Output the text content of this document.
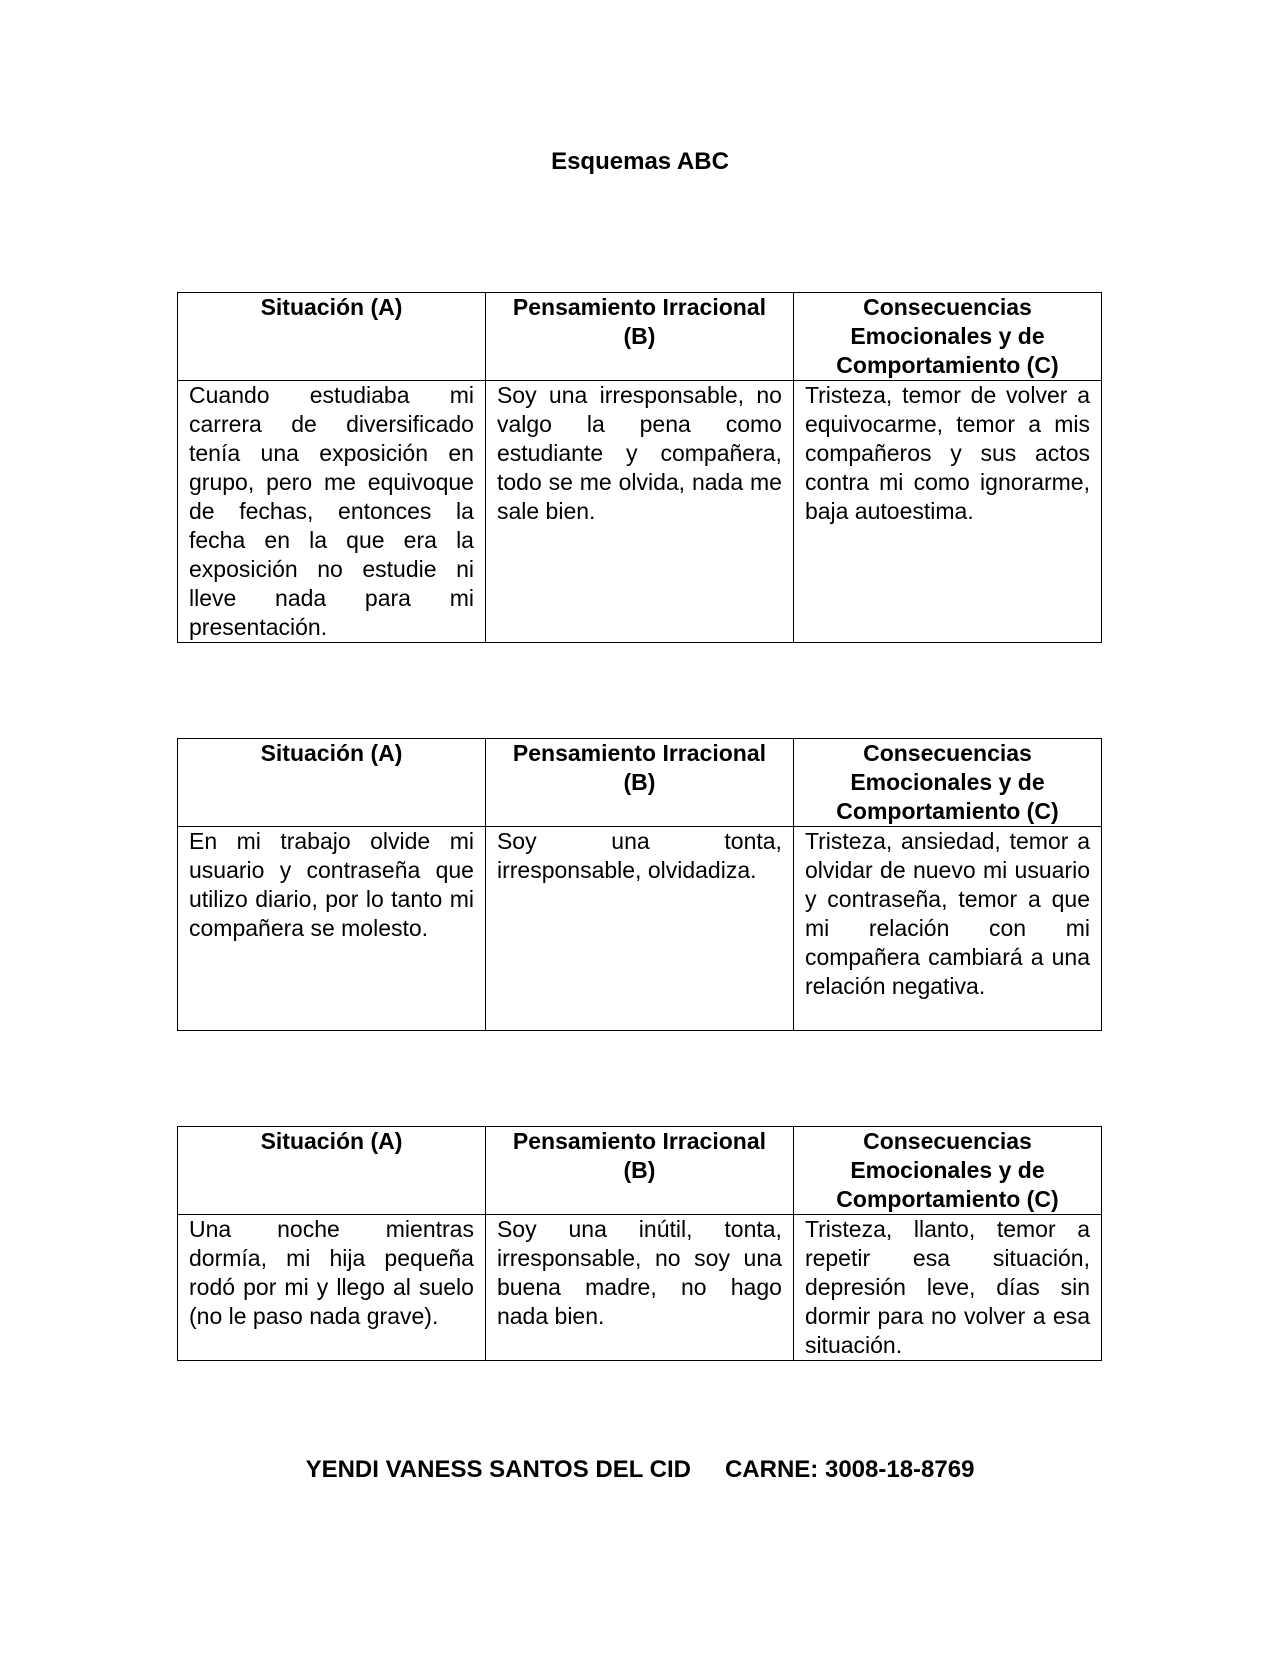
Esquemas ABC
Situación (A)	Pensamiento Irracional (B)	Consecuencias Emocionales y de Comportamiento (C)
Cuando estudiaba mi carrera de diversificado tenía una exposición en grupo, pero me equivoque de fechas, entonces la fecha en la que era la exposición no estudie ni lleve nada para mi presentación.	Soy una irresponsable, no valgo la pena como estudiante y compañera, todo se me olvida, nada me sale bien.	Tristeza, temor de volver a equivocarme, temor a mis compañeros y sus actos contra mi como ignorarme, baja autoestima.
Situación (A)	Pensamiento Irracional (B)	Consecuencias Emocionales y de Comportamiento (C)
En mi trabajo olvide mi usuario y contraseña que utilizo diario, por lo tanto mi compañera se molesto.	Soy una tonta, irresponsable, olvidadiza.	Tristeza, ansiedad, temor a olvidar de nuevo mi usuario y contraseña, temor a que mi relación con mi compañera cambiará a una relación negativa.
Situación (A)	Pensamiento Irracional (B)	Consecuencias Emocionales y de Comportamiento (C)
Una noche mientras dormía, mi hija pequeña rodó por mi y llego al suelo (no le paso nada grave).	Soy una inútil, tonta, irresponsable, no soy una buena madre, no hago nada bien.	Tristeza, llanto, temor a repetir esa situación, depresión leve, días sin dormir para no volver a esa situación.
YENDI VANESS SANTOS DEL CID CARNE: 3008-18-8769
